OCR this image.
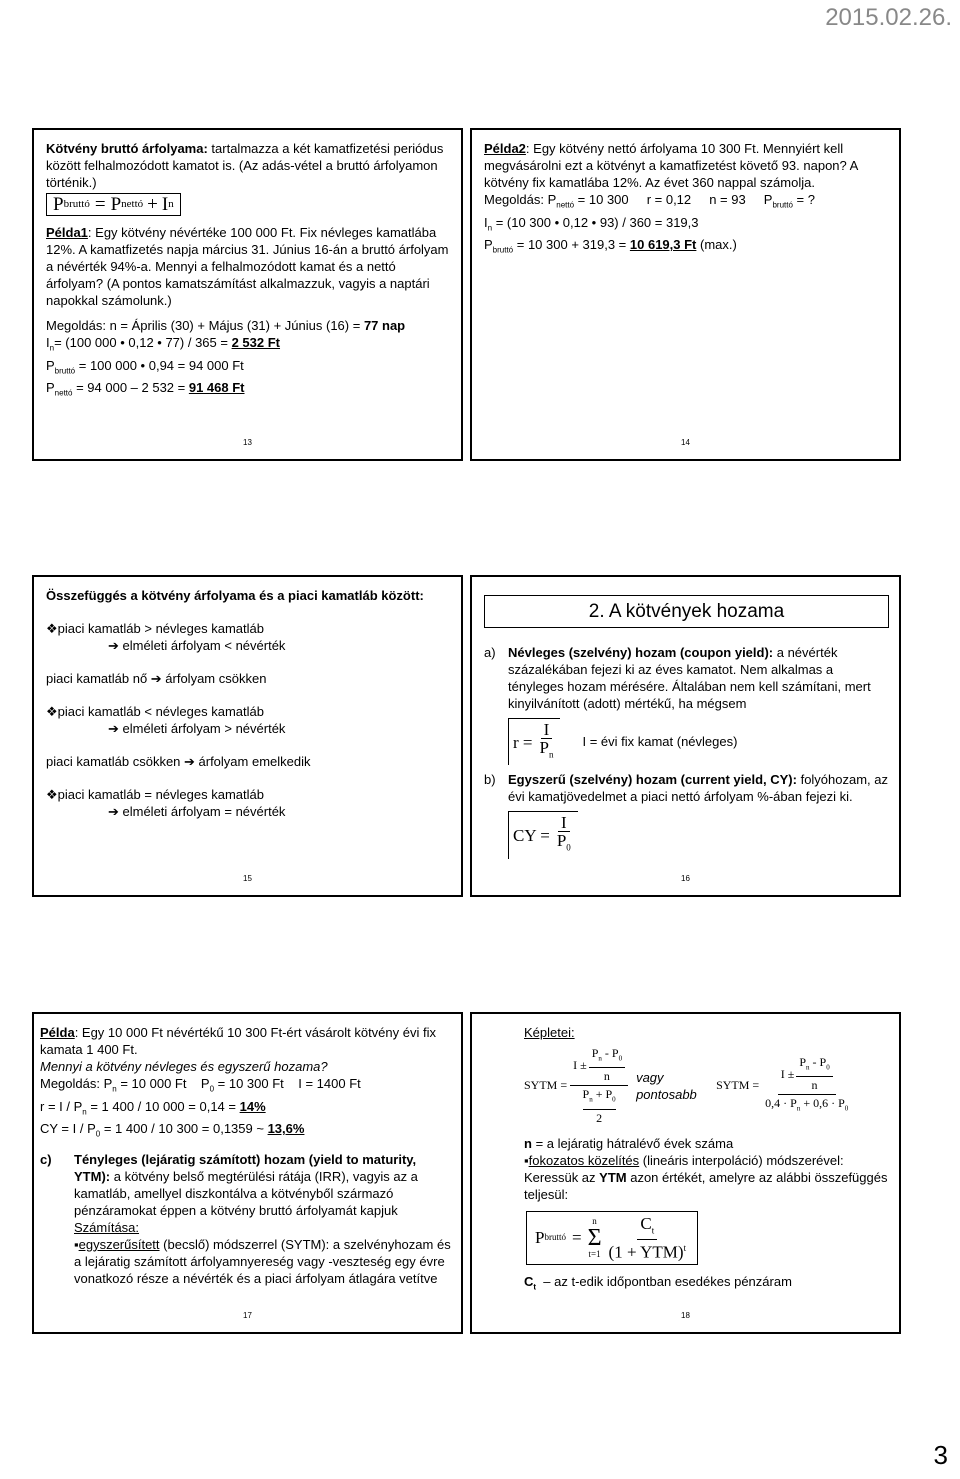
2015.02.26.

Kötvény bruttó árfolyama: tartalmazza a két kamatfizetési periódus között felhalmozódott kamatot is. (Az adás-vétel a bruttó árfolyamon történik.)

P bruttó = P nettó + I n

Példa1: Egy kötvény névértéke 100 000 Ft. Fix névleges kamatlába 12%. A kamatfizetés napja március 31. Június 16-án a bruttó árfolyam a névérték 94%-a. Mennyi a felhalmozódott kamat és a nettó árfolyam? (A pontos kamatszámítást alkalmazzuk, vagyis a naptári napokkal számolunk.)

Megoldás: n = Április (30) + Május (31) + Június (16) = 77 nap

$I_n= (100$ 000 • 0,12 • 77) / 365 = 2 532 Ft

$P_{bruttó} = 100$ 000 • 0,94 = 94 000 Ft

$P_{nettó} = 94$ 000 – 2 532 = 91 468 Ft

13

Példa2: Egy kötvény nettó árfolyama 10 300 Ft. Mennyiért kell megvásárolni ezt a kötvényt a kamatfizetést követő 93. napon? A kötvény fix kamatlába 12%. Az évet 360 nappal számolja.

Megoldás: $P_{nettó} = 10$ 300     r = 0,12     n = 93     $P_{bruttó}$ = ?

$I_n = (10$ 300 • 0,12 • 93) / 360 = 319,3

$P_{bruttó} = 10$ 300 + 319,3 = 10 619,3 Ft (max.)

14

Összefüggés a kötvény árfolyama és a piaci kamatláb között:

❖piaci kamatláb > névleges kamatláb

➔ elméleti árfolyam < névérték

piaci kamatláb nő ➔ árfolyam csökken

❖piaci kamatláb < névleges kamatláb

➔ elméleti árfolyam > névérték

piaci kamatláb csökken ➔ árfolyam emelkedik

❖piaci kamatláb = névleges kamatláb

➔ elméleti árfolyam = névérték

15
2. A kötvények hozama
a) Névleges (szelvény) hozam (coupon yield): a névérték százalékában fejezi ki az éves kamatot. Nem alkalmas a tényleges hozam mérésére. Általában nem kell számítani, mert kinyilvánított (adott) mértékű, ha mégsem

$r = \frac{I}{P_n}$ I = évi fix kamat (névleges)
b) Egyszerű (szelvény) hozam (current yield, CY): folyóhozam, az évi kamatjövedelmet a piaci nettó árfolyam %-ában fejezi ki.

CY = $\frac{I}{P_0}$
16

Példa: Egy 10 000 Ft névértékű 10 300 Ft-ért vásárolt kötvény évi fix kamata 1 400 Ft.

Mennyi a kötvény névleges és egyszerű hozama?

Megoldás: $P_n = 10$ 000 Ft    $P_0 = 10$ 300 Ft    I = 1400 Ft

$r = I / P_n = 1$ 400 / 10 000 = 0,14 = 14%

CY = $I / P_0 = 1$ 400 / 10 300 = 0,1359 ~ 13,6%

c)	Tényleges (lejáratig számított) hozam (yield to maturity, YTM): a kötvény belső megtérülési rátája (IRR), vagyis az a kamatláb, amellyel diszkontálva a kötvényből származó pénzáramokat éppen a kötvény bruttó árfolyamát kapjuk

Számítása:

▪egyszerűsített (becslő) módszerrel (SYTM): a szelvényhozam és a lejáratig számított árfolyamnyereség vagy -veszteség egy évre vonatkozó része a névérték és a piaci árfolyam átlagára vetítve

17

Képletei:

SYTM = $I \pm \frac{P_n - P_0}{n}$
$P_n + P_0$
2 vagy pontosabb
SYTM = $\frac{I \pm \frac{P_n - P_0}{n}}{0,4 \cdot P_n + 0,6 \cdot P_0}$

n = a lejáratig hátralévő évek száma

▪fokozatos közelítés (lineáris interpoláció) módszerével:

Keressük az YTM azon értékét, amelyre az alábbi összefüggés teljesül:

P bruttó =
n
Σ
$t=1 \frac{C_t}{(1 + YTM)^t}$

$C_t$  – az t-edik időpontban esedékes pénzáram

18
3
